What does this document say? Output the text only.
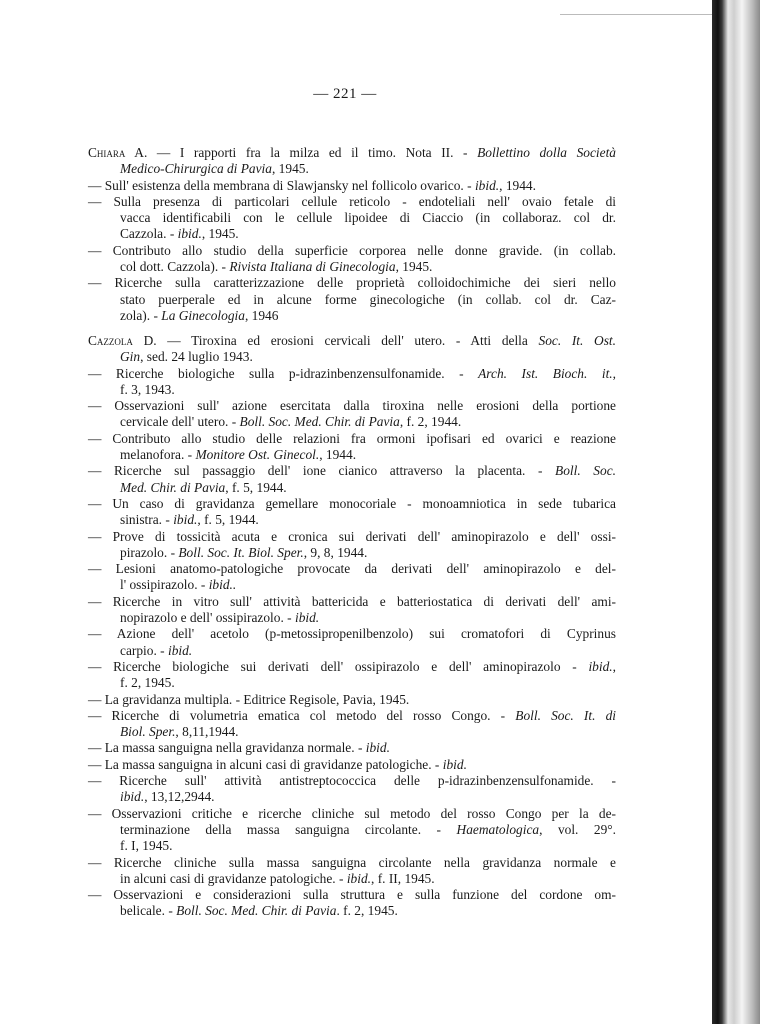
— 221 —
Chiara A. — I rapporti fra la milza ed il timo. Nota II. - Bollettino dolla Società
Medico-Chirurgica di Pavia, 1945.
— Sull' esistenza della membrana di Slawjansky nel follicolo ovarico. - ibid., 1944.
— Sulla presenza di particolari cellule reticolo - endoteliali nell' ovaio fetale di
vacca identificabili con le cellule lipoidee di Ciaccio (in collaboraz. col dr.
Cazzola. - ibid., 1945.
— Contributo allo studio della superficie corporea nelle donne gravide. (in collab.
col dott. Cazzola). - Rivista Italiana di Ginecologia, 1945.
— Ricerche sulla caratterizzazione delle proprietà colloidochimiche dei sieri nello
stato puerperale ed in alcune forme ginecologiche (in collab. col dr. Caz-
zola). - La Ginecologia, 1946
Cazzola D. — Tiroxina ed erosioni cervicali dell' utero. - Atti della Soc. It. Ost.
Gin, sed. 24 luglio 1943.
— Ricerche biologiche sulla p-idrazinbenzensulfonamide. - Arch. Ist. Bioch. it.,
f. 3, 1943.
— Osservazioni sull' azione esercitata dalla tiroxina nelle erosioni della portione
cervicale dell' utero. - Boll. Soc. Med. Chir. di Pavia, f. 2, 1944.
— Contributo allo studio delle relazioni fra ormoni ipofisari ed ovarici e reazione
melanofora. - Monitore Ost. Ginecol., 1944.
— Ricerche sul passaggio dell' ione cianico attraverso la placenta. - Boll. Soc.
Med. Chir. di Pavia, f. 5, 1944.
— Un caso di gravidanza gemellare monocoriale - monoamniotica in sede tubarica
sinistra. - ibid., f. 5, 1944.
— Prove di tossicità acuta e cronica sui derivati dell' aminopirazolo e dell' ossi-
pirazolo. - Boll. Soc. It. Biol. Sper., 9, 8, 1944.
— Lesioni anatomo-patologiche provocate da derivati dell' aminopirazolo e del-
l' ossipirazolo. - ibid..
— Ricerche in vitro sull' attività battericida e batteriostatica di derivati dell' ami-
nopirazolo e dell' ossipirazolo. - ibid.
— Azione dell' acetolo (p-metossipropenilbenzolo) sui cromatofori di Cyprinus
carpio. - ibid.
— Ricerche biologiche sui derivati dell' ossipirazolo e dell' aminopirazolo - ibid.,
f. 2, 1945.
— La gravidanza multipla. - Editrice Regisole, Pavia, 1945.
— Ricerche di volumetria ematica col metodo del rosso Congo. - Boll. Soc. It. di
Biol. Sper., 8,11,1944.
— La massa sanguigna nella gravidanza normale. - ibid.
— La massa sanguigna in alcuni casi di gravidanze patologiche. - ibid.
— Ricerche sull' attività antistreptococcica delle p-idrazinbenzensulfonamide. -
ibid., 13,12,2944.
— Osservazioni critiche e ricerche cliniche sul metodo del rosso Congo per la de-
terminazione della massa sanguigna circolante. - Haematologica, vol. 29°.
f. I, 1945.
— Ricerche cliniche sulla massa sanguigna circolante nella gravidanza normale e
in alcuni casi di gravidanze patologiche. - ibid., f. II, 1945.
— Osservazioni e considerazioni sulla struttura e sulla funzione del cordone om-
belicale. - Boll. Soc. Med. Chir. di Pavia. f. 2, 1945.
